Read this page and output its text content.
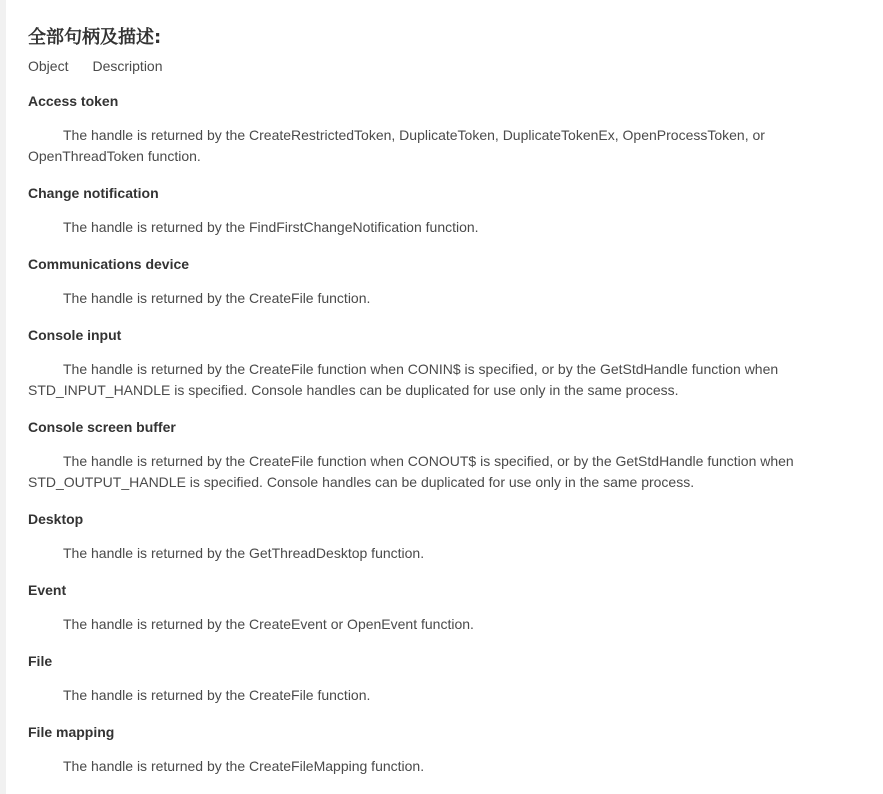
全部句柄及描述:
Object Description
Access token
The handle is returned by the CreateRestrictedToken, DuplicateToken, DuplicateTokenEx, OpenProcessToken, or OpenThreadToken function.
Change notification
The handle is returned by the FindFirstChangeNotification function.
Communications device
The handle is returned by the CreateFile function.
Console input
The handle is returned by the CreateFile function when CONIN$ is specified, or by the GetStdHandle function when STD_INPUT_HANDLE is specified. Console handles can be duplicated for use only in the same process.
Console screen buffer
The handle is returned by the CreateFile function when CONOUT$ is specified, or by the GetStdHandle function when STD_OUTPUT_HANDLE is specified. Console handles can be duplicated for use only in the same process.
Desktop
The handle is returned by the GetThreadDesktop function.
Event
The handle is returned by the CreateEvent or OpenEvent function.
File
The handle is returned by the CreateFile function.
File mapping
The handle is returned by the CreateFileMapping function.
